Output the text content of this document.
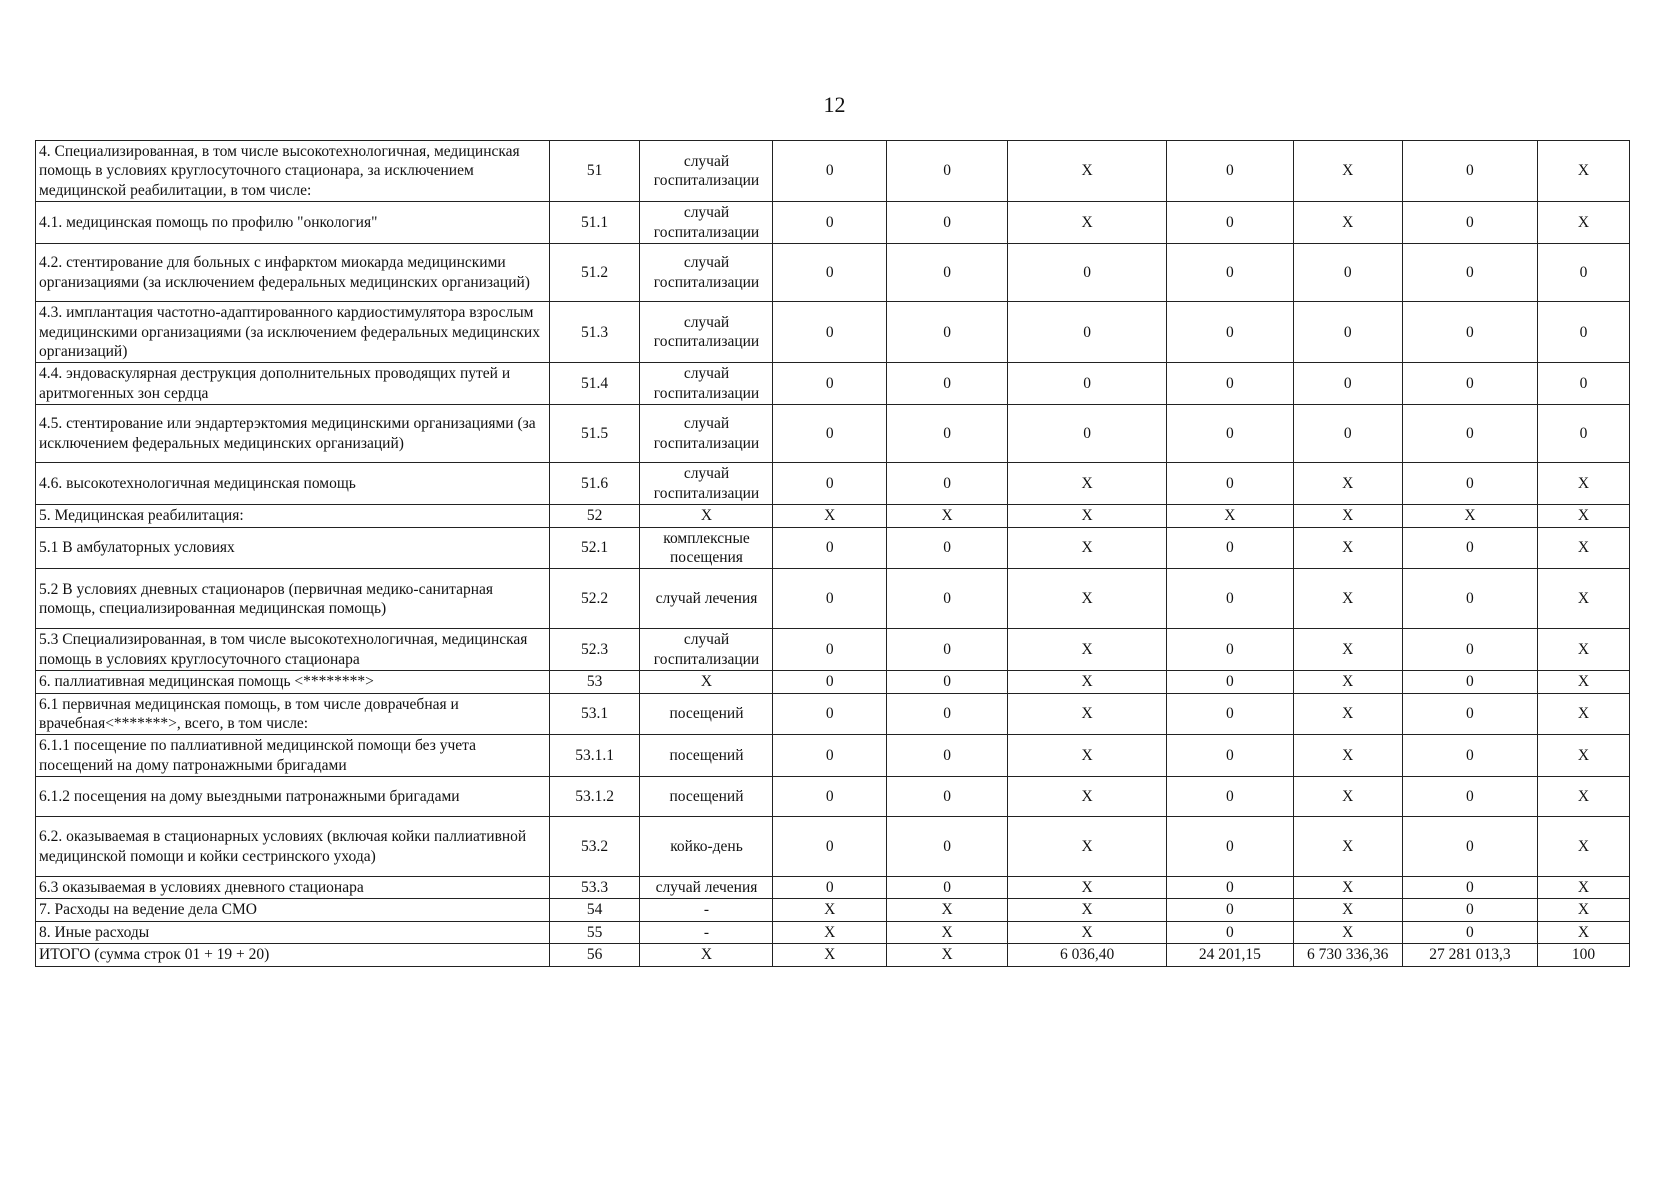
12
4. Специализированная, в том числе высокотехнологичная, медицинская помощь в условиях круглосуточного стационара, за исключением медицинской реабилитации, в том числе:	51	случай госпитализации	0	0	X	0	X	0	X
4.1. медицинская помощь по профилю "онкология"	51.1	случай госпитализации	0	0	X	0	X	0	X
4.2. стентирование для больных с инфарктом миокарда медицинскими организациями (за исключением федеральных медицинских организаций)	51.2	случай госпитализации	0	0	0	0	0	0	0
4.3. имплантация частотно-адаптированного кардиостимулятора взрослым медицинскими организациями (за исключением федеральных медицинских организаций)	51.3	случай госпитализации	0	0	0	0	0	0	0
4.4. эндоваскулярная деструкция дополнительных проводящих путей и аритмогенных зон сердца	51.4	случай госпитализации	0	0	0	0	0	0	0
4.5. стентирование или эндартерэктомия медицинскими организациями (за исключением федеральных медицинских организаций)	51.5	случай госпитализации	0	0	0	0	0	0	0
4.6. высокотехнологичная медицинская помощь	51.6	случай госпитализации	0	0	X	0	X	0	X
5. Медицинская реабилитация:	52	X	X	X	X	X	X	X	X
5.1 В амбулаторных условиях	52.1	комплексные посещения	0	0	X	0	X	0	X
5.2 В условиях дневных стационаров (первичная медико-санитарная помощь, специализированная медицинская помощь)	52.2	случай лечения	0	0	X	0	X	0	X
5.3 Специализированная, в том числе высокотехнологичная, медицинская помощь в условиях круглосуточного стационара	52.3	случай госпитализации	0	0	X	0	X	0	X
6. паллиативная медицинская помощь <********>	53	X	0	0	X	0	X	0	X
6.1 первичная медицинская помощь, в том числе доврачебная и врачебная<*******>, всего, в том числе:	53.1	посещений	0	0	X	0	X	0	X
6.1.1 посещение по паллиативной медицинской помощи без учета посещений на дому патронажными бригадами	53.1.1	посещений	0	0	X	0	X	0	X
6.1.2 посещения на дому выездными патронажными бригадами	53.1.2	посещений	0	0	X	0	X	0	X
6.2. оказываемая в стационарных условиях (включая койки паллиативной медицинской помощи и койки сестринского ухода)	53.2	койко-день	0	0	X	0	X	0	X
6.3 оказываемая в условиях дневного стационара	53.3	случай лечения	0	0	X	0	X	0	X
7. Расходы на ведение дела СМО	54	-	X	X	X	0	X	0	X
8. Иные расходы	55	-	X	X	X	0	X	0	X
ИТОГО (сумма строк 01 + 19 + 20)	56	X	X	X	6 036,40	24 201,15	6 730 336,36	27 281 013,3	100
